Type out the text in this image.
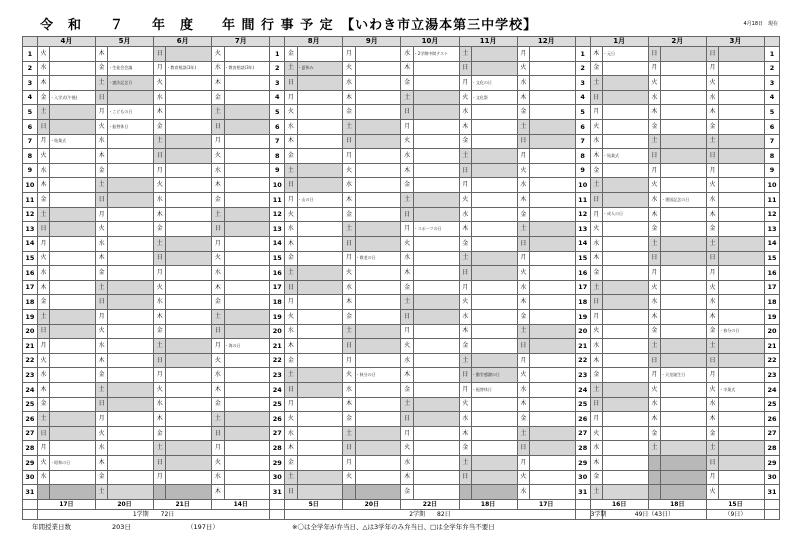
令　和　　７　　年　度　　年 間 行 事 予 定　【いわき市立湯本第三中学校】	4月18日　現在
	4月		5月		6月		7月			8月		9月		10月		11月		12月			1月		2月		3月		
1	火		木		日		火		1	金		月		水	・2学期中間テスト	土		月		1	木	・元日	日		日		1
2	水		金	・生徒会会議	月	・教育相談(3年)	水	・教育相談(3年)	2	土	・夏休み	火		木		日		火		2	金		月		月		2
3	木		土	・憲法記念日	火		木		3	日		水		金		月	・文化の日	水		3	土		火		火		3
4	金	・入学式(午後)	日		水		金		4	月		木		土		火	・文化祭	木		4	日		水		水		4
5	土		月	・こどもの日	木		土		5	火		金		日		水		金		5	月		木		木		5
6	日		火	・振替休日	金		日		6	水		土		月		木		土		6	火		金		金		6
7	月	・始業式	水		土		月		7	木		日		火		金		日		7	水		土		土		7
8	火		木		日		火		8	金		月		水		土		月		8	木	・始業式	日		日		8
9	水		金		月		水		9	土		火		木		日		火		9	金		月		月		9
10	木		土		火		木		10	日		水		金		月		水		10	土		火		火		10
11	金		日		水		金		11	月	・山の日	木		土		火		木		11	日		水	・建国記念の日	水		11
12	土		月		木		土		12	火		金		日		水		金		12	月	・成人の日	木		木		12
13	日		火		金		日		13	水		土		月	・スポーツの日	木		土		13	火		金		金		13
14	月		水		土		月		14	木		日		火		金		日		14	水		土		土		14
15	火		木		日		火		15	金		月	・敬老の日	水		土		月		15	木		日		日		15
16	水		金		月		水		16	土		火		木		日		火		16	金		月		月		16
17	木		土		火		木		17	日		水		金		月		水		17	土		火		火		17
18	金		日		水		金		18	月		木		土		火		木		18	日		水		水		18
19	土		月		木		土		19	火		金		日		水		金		19	月		木		木		19
20	日		火		金		日		20	水		土		月		木		土		20	火		金		金	・春分の日	20
21	月		水		土		月	・海の日	21	木		日		火		金		日		21	水		土		土		21
22	火		木		日		火		22	金		月		水		土		月		22	木		日		日		22
23	水		金		月		水		23	土		火	・秋分の日	木		日	・勤労感謝の日	火		23	金		月	・天皇誕生日	月		23
24	木		土		火		木		24	日		水		金		月	・振替休日	水		24	土		火		火	・卒業式	24
25	金		日		水		金		25	月		木		土		火		木		25	日		水		水		25
26	土		月		木		土		26	火		金		日		水		金		26	月		木		木		26
27	日		火		金		日		27	水		土		月		木		土		27	火		金		金		27
28	月		水		土		月		28	木		日		火		金		日		28	水		土		土		28
29	火	・昭和の日	木		日		火		29	金		月		水		土		月		29	木				日		29
30	水		金		月		水		30	土		火		木		日		火		30	金				月		30
31			土				木		31	日				金				水		31	土				火		31
	17日		20日		21日		14日			5日		20日		22日		18日		17日			16日		18日		15日		
	1学期　　72日									2学期　　82日											3学期	49日（43日）			（9日）		
年間授業日数	203日	（197日）	※〇は全学年が弁当日、△は3学年のみ弁当日、□は全学年弁当不要日
